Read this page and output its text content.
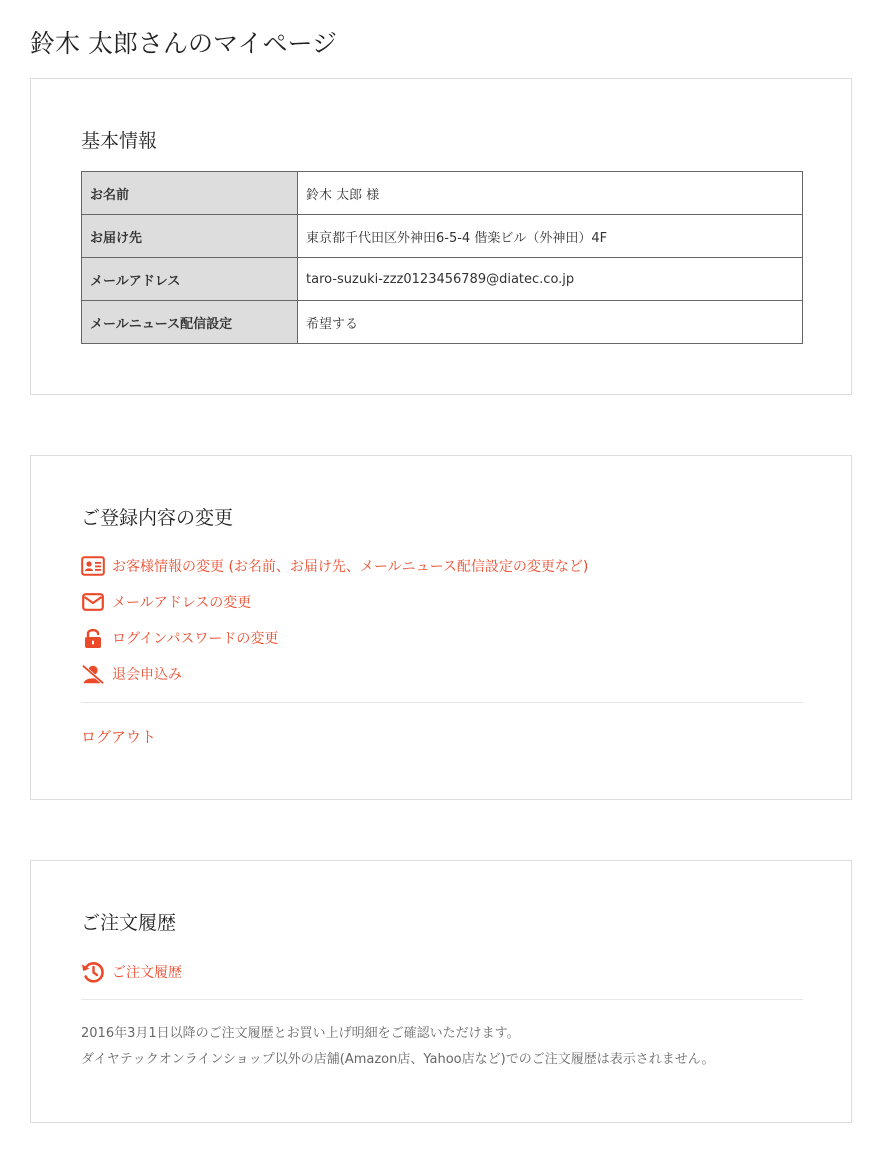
鈴木 太郎さんのマイページ
基本情報
お名前	鈴木 太郎 様
お届け先	東京都千代田区外神田6-5-4 偕楽ビル（外神田）4F
メールアドレス	taro-suzuki-zzz0123456789@diatec.co.jp
メールニュース配信設定	希望する
ご登録内容の変更
お客様情報の変更 (お名前、お届け先、メールニュース配信設定の変更など)
メールアドレスの変更
ログインパスワードの変更
退会申込み
ログアウト
ご注文履歴
ご注文履歴

2016年3月1日以降のご注文履歴とお買い上げ明細をご確認いただけます。
ダイヤテックオンラインショップ以外の店舗(Amazon店、Yahoo店など)でのご注文履歴は表示されません。
